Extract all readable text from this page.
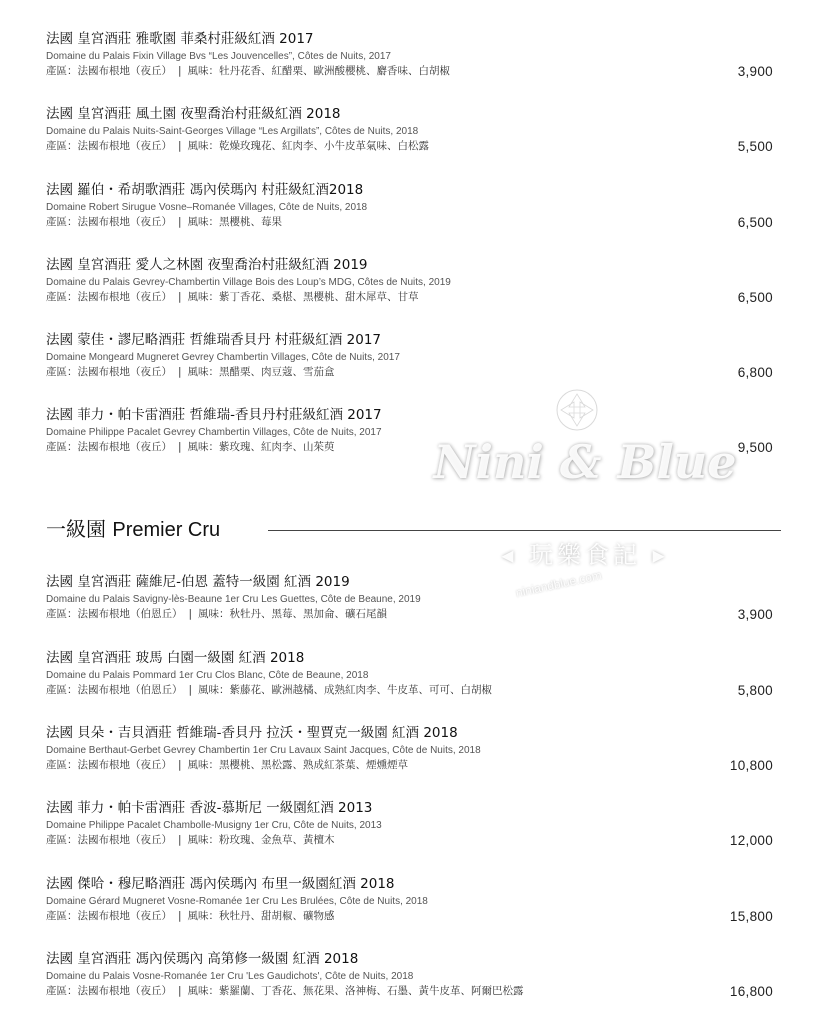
法國 皇宮酒莊 雅歌園 菲桑村莊級紅酒 2017
Domaine du Palais Fixin Village Bvs “Les Jouvencelles”, Côtes de Nuits, 2017
產區：法國布根地（夜丘） | 風味：牡丹花香、紅醋栗、歐洲酸櫻桃、麝香味、白胡椒	3,900
法國 皇宮酒莊 風土園 夜聖喬治村莊級紅酒 2018
Domaine du Palais Nuits-Saint-Georges Village “Les Argillats”, Côtes de Nuits, 2018
產區：法國布根地（夜丘） | 風味：乾燥玫瑰花、紅肉李、小牛皮革氣味、白松露	5,500
法國 羅伯・希胡歌酒莊 馮內侯瑪內 村莊級紅酒2018
Domaine Robert Sirugue Vosne–Romanée Villages, Côte de Nuits, 2018
產區：法國布根地（夜丘） | 風味：黑櫻桃、莓果	6,500
法國 皇宮酒莊 愛人之林園 夜聖喬治村莊級紅酒 2019
Domaine du Palais Gevrey-Chambertin Village Bois des Loup’s MDG, Côtes de Nuits, 2019
產區：法國布根地（夜丘） | 風味：紫丁香花、桑椹、黑櫻桃、甜木犀草、甘草	6,500
法國 蒙佳・謬尼略酒莊 哲維瑞香貝丹 村莊級紅酒 2017
Domaine Mongeard Mugneret Gevrey Chambertin Villages, Côte de Nuits, 2017
產區：法國布根地（夜丘） | 風味：黑醋栗、肉豆蔻、雪茄盒	6,800
法國 菲力・帕卡雷酒莊 哲維瑞-香貝丹村莊級紅酒 2017
Domaine Philippe Pacalet Gevrey Chambertin Villages, Côte de Nuits, 2017
產區：法國布根地（夜丘） | 風味：紫玫瑰、紅肉李、山茱萸	9,500
一級園 Premier Cru
法國 皇宮酒莊 薩維尼-伯恩 蓋特一級園 紅酒 2019
Domaine du Palais Savigny-lès-Beaune 1er Cru Les Guettes, Côte de Beaune, 2019
產區：法國布根地（伯恩丘） | 風味：秋牡丹、黑莓、黑加侖、礦石尾韻	3,900
法國 皇宮酒莊 玻馬 白園一級園 紅酒 2018
Domaine du Palais Pommard 1er Cru Clos Blanc, Côte de Beaune, 2018
產區：法國布根地（伯恩丘） | 風味：紫藤花、歐洲越橘、成熟紅肉李、牛皮革、可可、白胡椒	5,800
法國 貝朵・吉貝酒莊 哲維瑞-香貝丹 拉沃・聖賈克一級園 紅酒 2018
Domaine Berthaut-Gerbet Gevrey Chambertin 1er Cru Lavaux Saint Jacques, Côte de Nuits, 2018
產區：法國布根地（夜丘） | 風味：黑櫻桃、黑松露、熟成紅茶葉、煙燻煙草	10,800
法國 菲力・帕卡雷酒莊 香波-慕斯尼 一級園紅酒 2013
Domaine Philippe Pacalet Chambolle-Musigny 1er Cru, Côte de Nuits, 2013
產區：法國布根地（夜丘） | 風味：粉玫瑰、金魚草、黃檀木	12,000
法國 傑哈・穆尼略酒莊 馮內侯瑪內 布里一級園紅酒 2018
Domaine Gérard Mugneret Vosne-Romanée 1er Cru Les Brulées, Côte de Nuits, 2018
產區：法國布根地（夜丘） | 風味：秋牡丹、甜胡椒、礦物感	15,800
法國 皇宮酒莊 馮內侯瑪內 高第修一級園 紅酒 2018
Domaine du Palais Vosne-Romanée 1er Cru 'Les Gaudichots', Côte de Nuits, 2018
產區：法國布根地（夜丘） | 風味：紫羅蘭、丁香花、無花果、洛神梅、石墨、黃牛皮革、阿爾巴松露	16,800
Nini & Blue
◂ 玩樂食記 ▸
niniandblue.com
